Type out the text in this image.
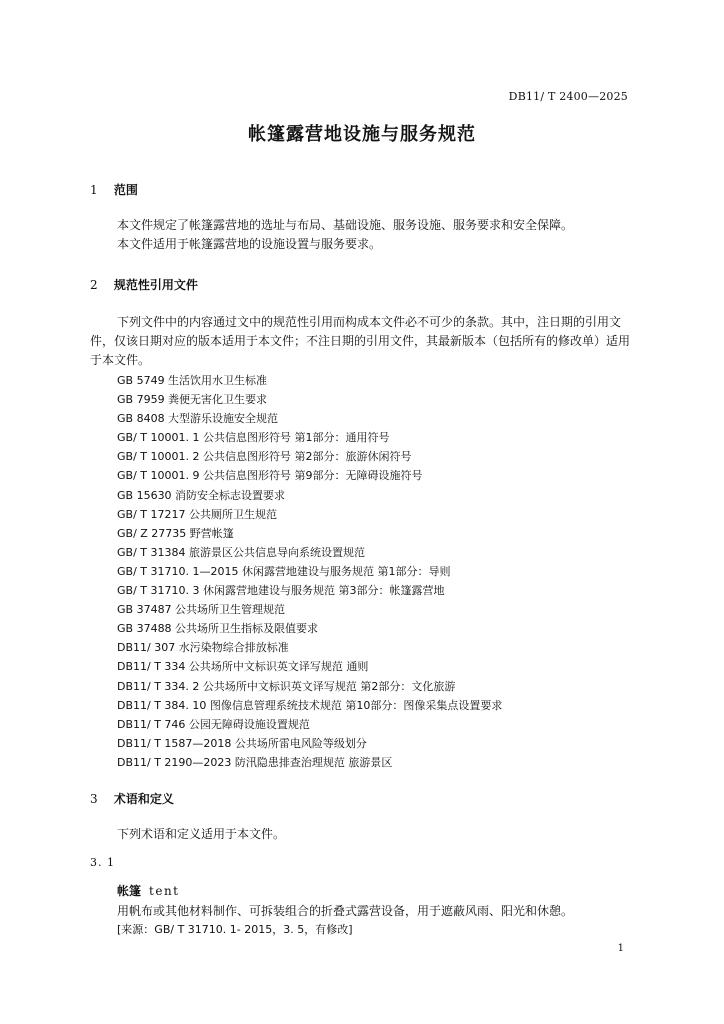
DB11/ T 2400—2025
帐篷露营地设施与服务规范
1 范围
本文件规定了帐篷露营地的选址与布局、基础设施、服务设施、服务要求和安全保障。
本文件适用于帐篷露营地的设施设置与服务要求。
2 规范性引用文件
下列文件中的内容通过文中的规范性引用而构成本文件必不可少的条款。其中，注日期的引用文件，仅该日期对应的版本适用于本文件；不注日期的引用文件，其最新版本（包括所有的修改单）适用于本文件。
GB 5749 生活饮用水卫生标准
GB 7959 粪便无害化卫生要求
GB 8408 大型游乐设施安全规范
GB/ T 10001. 1 公共信息图形符号 第1部分：通用符号
GB/ T 10001. 2 公共信息图形符号 第2部分：旅游休闲符号
GB/ T 10001. 9 公共信息图形符号 第9部分：无障碍设施符号
GB 15630 消防安全标志设置要求
GB/ T 17217 公共厕所卫生规范
GB/ Z 27735 野营帐篷
GB/ T 31384 旅游景区公共信息导向系统设置规范
GB/ T 31710. 1—2015 休闲露营地建设与服务规范 第1部分：导则
GB/ T 31710. 3 休闲露营地建设与服务规范 第3部分：帐篷露营地
GB 37487 公共场所卫生管理规范
GB 37488 公共场所卫生指标及限值要求
DB11/ 307 水污染物综合排放标准
DB11/ T 334 公共场所中文标识英文译写规范 通则
DB11/ T 334. 2 公共场所中文标识英文译写规范 第2部分：文化旅游
DB11/ T 384. 10 图像信息管理系统技术规范 第10部分：图像采集点设置要求
DB11/ T 746 公园无障碍设施设置规范
DB11/ T 1587—2018 公共场所雷电风险等级划分
DB11/ T 2190—2023 防汛隐患排查治理规范 旅游景区
3 术语和定义
下列术语和定义适用于本文件。
3. 1
帐篷 tent
用帆布或其他材料制作、可拆装组合的折叠式露营设备，用于遮蔽风雨、阳光和休憩。
[来源：GB/ T 31710. 1- 2015，3. 5，有修改]
1
